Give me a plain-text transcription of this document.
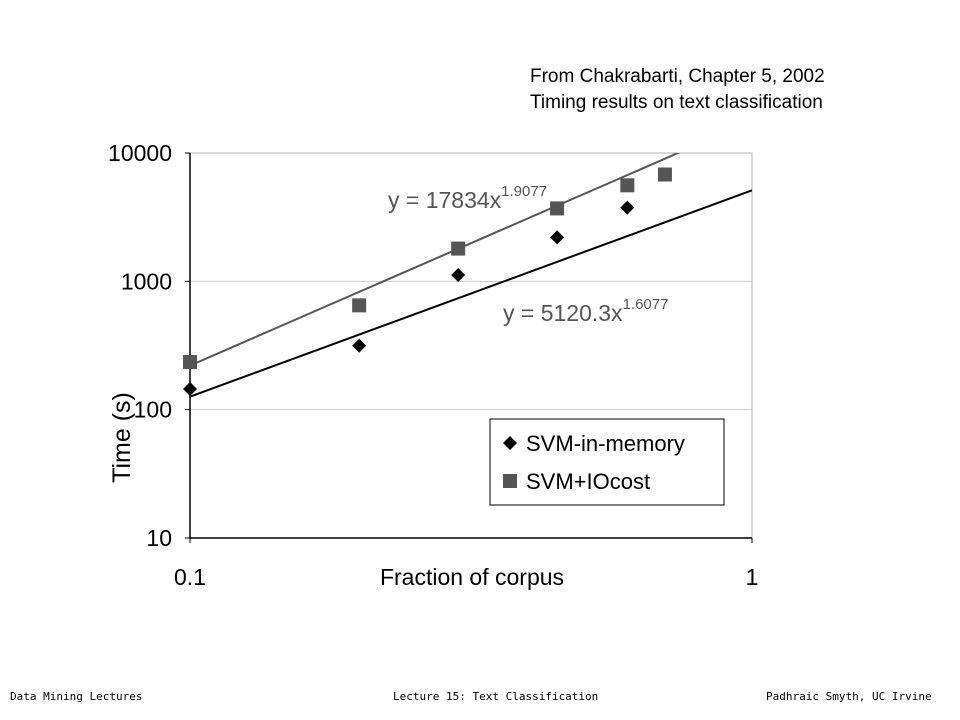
From Chakrabarti, Chapter 5, 2002
Timing results on text classification
10
100
1000
10000
0.1	1
Fraction of corpus
Time (s)
$y = 5120.3x^{1.6077}$
$y = 17834x^{1.9077}$
SVM-in-memory
SVM+IOcost
Data Mining Lectures	Lecture 15: Text Classification	Padhraic Smyth, UC Irvine
